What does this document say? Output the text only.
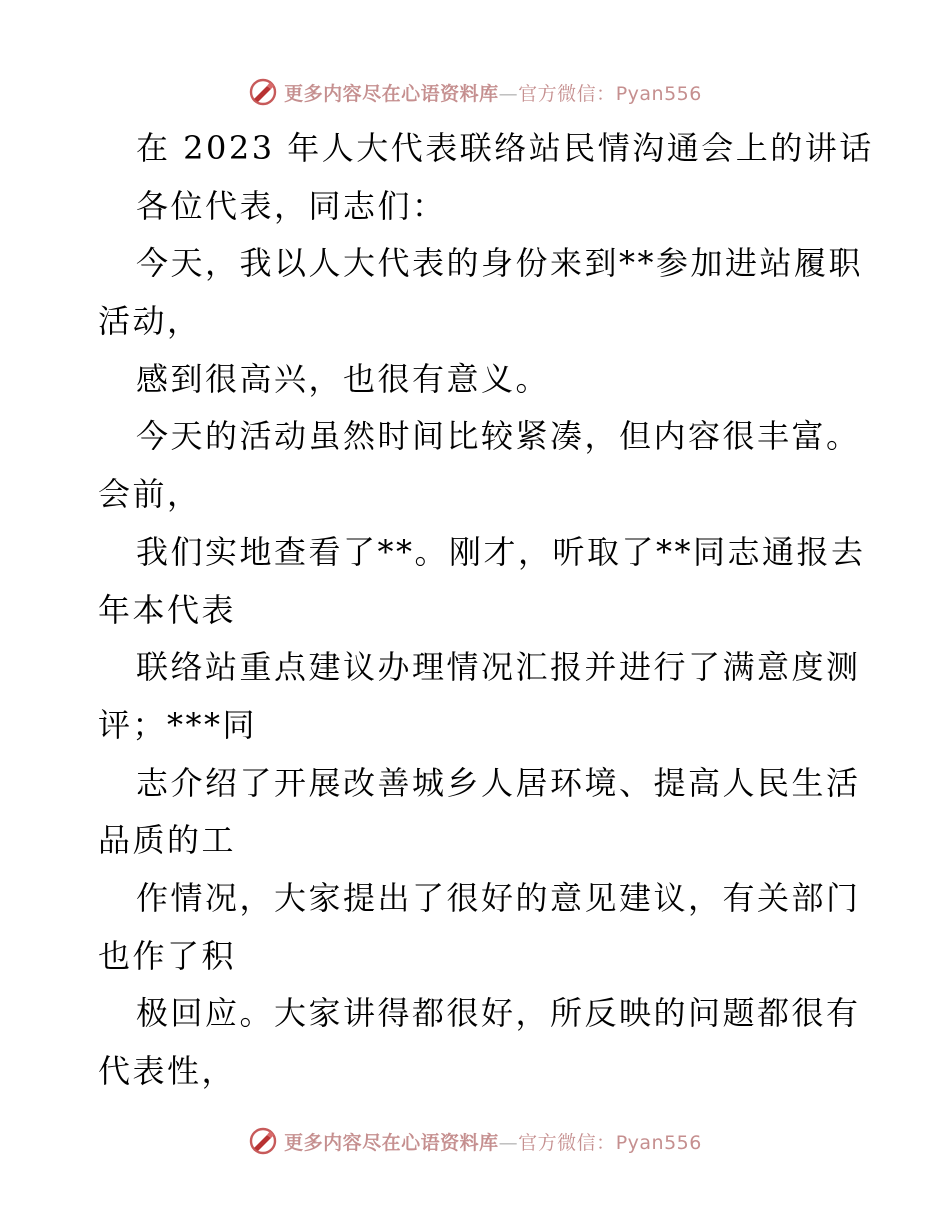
更多内容尽在心语资料库—官方微信：Pyan556
在 2023 年人大代表联络站民情沟通会上的讲话
各位代表，同志们：
今天，我以人大代表的身份来到**参加进站履职
活动，
感到很高兴，也很有意义。
今天的活动虽然时间比较紧凑，但内容很丰富。
会前，
我们实地查看了**。刚才，听取了**同志通报去
年本代表
联络站重点建议办理情况汇报并进行了满意度测
评；***同
志介绍了开展改善城乡人居环境、提高人民生活
品质的工
作情况，大家提出了很好的意见建议，有关部门
也作了积
极回应。大家讲得都很好，所反映的问题都很有
代表性，
更多内容尽在心语资料库—官方微信：Pyan556
